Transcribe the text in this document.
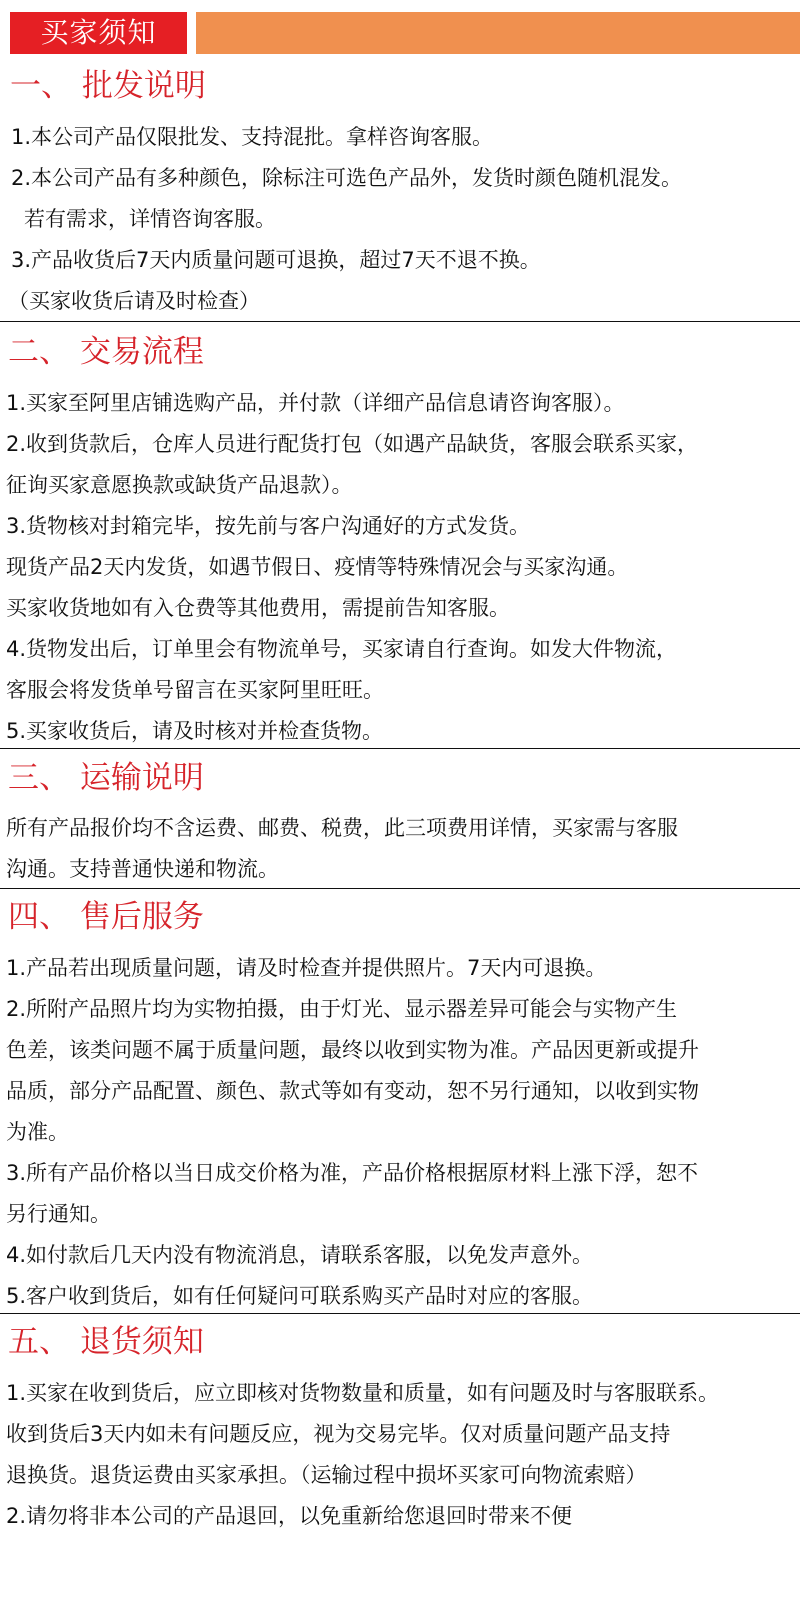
买家须知
一、 批发说明
1.本公司产品仅限批发、支持混批。拿样咨询客服。
2.本公司产品有多种颜色，除标注可选色产品外，发货时颜色随机混发。
若有需求，详情咨询客服。
3.产品收货后7天内质量问题可退换，超过7天不退不换。
（买家收货后请及时检查）
二、 交易流程
1.买家至阿里店铺选购产品，并付款（详细产品信息请咨询客服）。
2.收到货款后，仓库人员进行配货打包（如遇产品缺货，客服会联系买家，
征询买家意愿换款或缺货产品退款）。
3.货物核对封箱完毕，按先前与客户沟通好的方式发货。
现货产品2天内发货，如遇节假日、疫情等特殊情况会与买家沟通。
买家收货地如有入仓费等其他费用，需提前告知客服。
4.货物发出后，订单里会有物流单号，买家请自行查询。如发大件物流，
客服会将发货单号留言在买家阿里旺旺。
5.买家收货后，请及时核对并检查货物。
三、 运输说明
所有产品报价均不含运费、邮费、税费，此三项费用详情，买家需与客服
沟通。支持普通快递和物流。
四、 售后服务
1.产品若出现质量问题，请及时检查并提供照片。7天内可退换。
2.所附产品照片均为实物拍摄，由于灯光、显示器差异可能会与实物产生
色差，该类问题不属于质量问题，最终以收到实物为准。产品因更新或提升
品质，部分产品配置、颜色、款式等如有变动，恕不另行通知，以收到实物
为准。
3.所有产品价格以当日成交价格为准，产品价格根据原材料上涨下浮，恕不
另行通知。
4.如付款后几天内没有物流消息，请联系客服，以免发声意外。
5.客户收到货后，如有任何疑问可联系购买产品时对应的客服。
五、 退货须知
1.买家在收到货后，应立即核对货物数量和质量，如有问题及时与客服联系。
收到货后3天内如未有问题反应，视为交易完毕。仅对质量问题产品支持
退换货。退货运费由买家承担。（运输过程中损坏买家可向物流索赔）
2.请勿将非本公司的产品退回，以免重新给您退回时带来不便
